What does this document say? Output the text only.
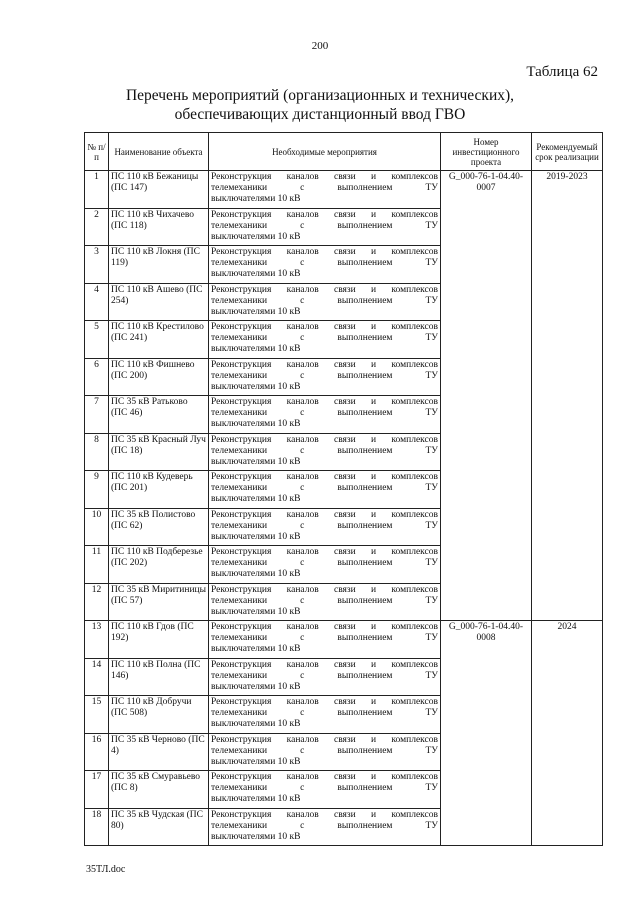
200
Таблица 62
Перечень мероприятий (организационных и технических),
обеспечивающих дистанционный ввод ГВО
№ п/п	Наименование объекта	Необходимые мероприятия	Номер инвестиционного проекта	Рекомендуемый срок реализации
1	ПС 110 кВ Бежаницы (ПС 147)	Реконструкция каналов связи и комплексов
телемеханики с выполнением ТУ
выключателями 10 кВ	G_000-76-1-04.40-0007	2019-2023
2	ПС 110 кВ Чихачево (ПС 118)	Реконструкция каналов связи и комплексов
телемеханики с выполнением ТУ
выключателями 10 кВ		

3	ПС 110 кВ Локня (ПС 119)	Реконструкция каналов связи и комплексов
телемеханики с выполнением ТУ
выключателями 10 кВ		

4	ПС 110 кВ Ашево (ПС 254)	Реконструкция каналов связи и комплексов
телемеханики с выполнением ТУ
выключателями 10 кВ		

5	ПС 110 кВ Крестилово (ПС 241)	Реконструкция каналов связи и комплексов
телемеханики с выполнением ТУ
выключателями 10 кВ		

6	ПС 110 кВ Фишнево (ПС 200)	Реконструкция каналов связи и комплексов
телемеханики с выполнением ТУ
выключателями 10 кВ		

7	ПС 35 кВ Ратьково (ПС 46)	Реконструкция каналов связи и комплексов
телемеханики с выполнением ТУ
выключателями 10 кВ		

8	ПС 35 кВ Красный Луч (ПС 18)	Реконструкция каналов связи и комплексов
телемеханики с выполнением ТУ
выключателями 10 кВ		

9	ПС 110 кВ Кудеверь (ПС 201)	Реконструкция каналов связи и комплексов
телемеханики с выполнением ТУ
выключателями 10 кВ		

10	ПС 35 кВ Полистово (ПС 62)	Реконструкция каналов связи и комплексов
телемеханики с выполнением ТУ
выключателями 10 кВ		

11	ПС 110 кВ Подберезье (ПС 202)	Реконструкция каналов связи и комплексов
телемеханики с выполнением ТУ
выключателями 10 кВ		

12	ПС 35 кВ Миритиницы (ПС 57)	Реконструкция каналов связи и комплексов
телемеханики с выполнением ТУ
выключателями 10 кВ		

13	ПС 110 кВ Гдов (ПС 192)	Реконструкция каналов связи и комплексов
телемеханики с выполнением ТУ
выключателями 10 кВ	G_000-76-1-04.40-0008	2024
14	ПС 110 кВ Полна (ПС 146)	Реконструкция каналов связи и комплексов
телемеханики с выполнением ТУ
выключателями 10 кВ		

15	ПС 110 кВ Добручи (ПС 508)	Реконструкция каналов связи и комплексов
телемеханики с выполнением ТУ
выключателями 10 кВ		

16	ПС 35 кВ Черново (ПС 4)	Реконструкция каналов связи и комплексов
телемеханики с выполнением ТУ
выключателями 10 кВ		

17	ПС 35 кВ Смуравьево (ПС 8)	Реконструкция каналов связи и комплексов
телемеханики с выполнением ТУ
выключателями 10 кВ		

18	ПС 35 кВ Чудская (ПС 80)	Реконструкция каналов связи и комплексов
телемеханики с выполнением ТУ
выключателями 10 кВ		
35ТЛ.doc
